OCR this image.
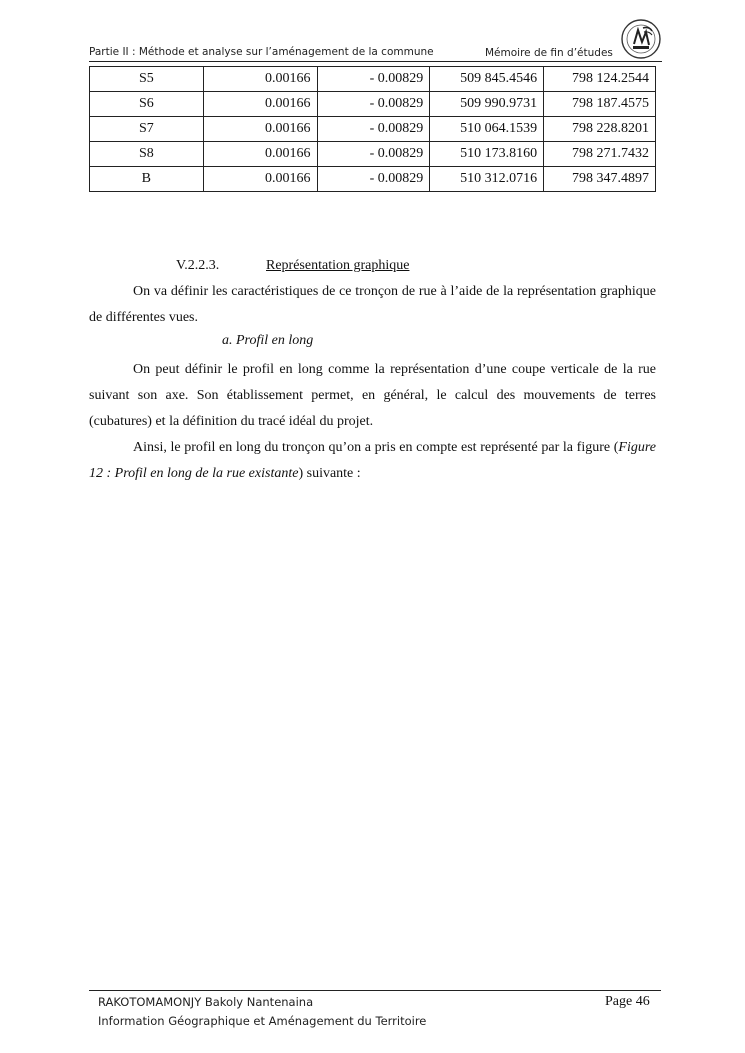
Partie II : Méthode et analyse sur l’aménagement de la commune	Mémoire de fin d’études
S5	0.00166	- 0.00829	509 845.4546	798 124.2544
S6	0.00166	- 0.00829	509 990.9731	798 187.4575
S7	0.00166	- 0.00829	510 064.1539	798 228.8201
S8	0.00166	- 0.00829	510 173.8160	798 271.7432
B	0.00166	- 0.00829	510 312.0716	798 347.4897
V.2.2.3.	Représentation graphique

On va définir les caractéristiques de ce tronçon de rue à l’aide de la représentation graphique de différentes vues.

a. Profil en long

On peut définir le profil en long comme la représentation d’une coupe verticale de la rue suivant son axe. Son établissement permet, en général, le calcul des mouvements de terres (cubatures) et la définition du tracé idéal du projet.

Ainsi, le profil en long du tronçon qu’on a pris en compte est représenté par la figure (Figure 12 : Profil en long de la rue existante) suivante :

RAKOTOMAMONJY Bakoly Nantenaina
Information Géographique et Aménagement du Territoire
Page 46
